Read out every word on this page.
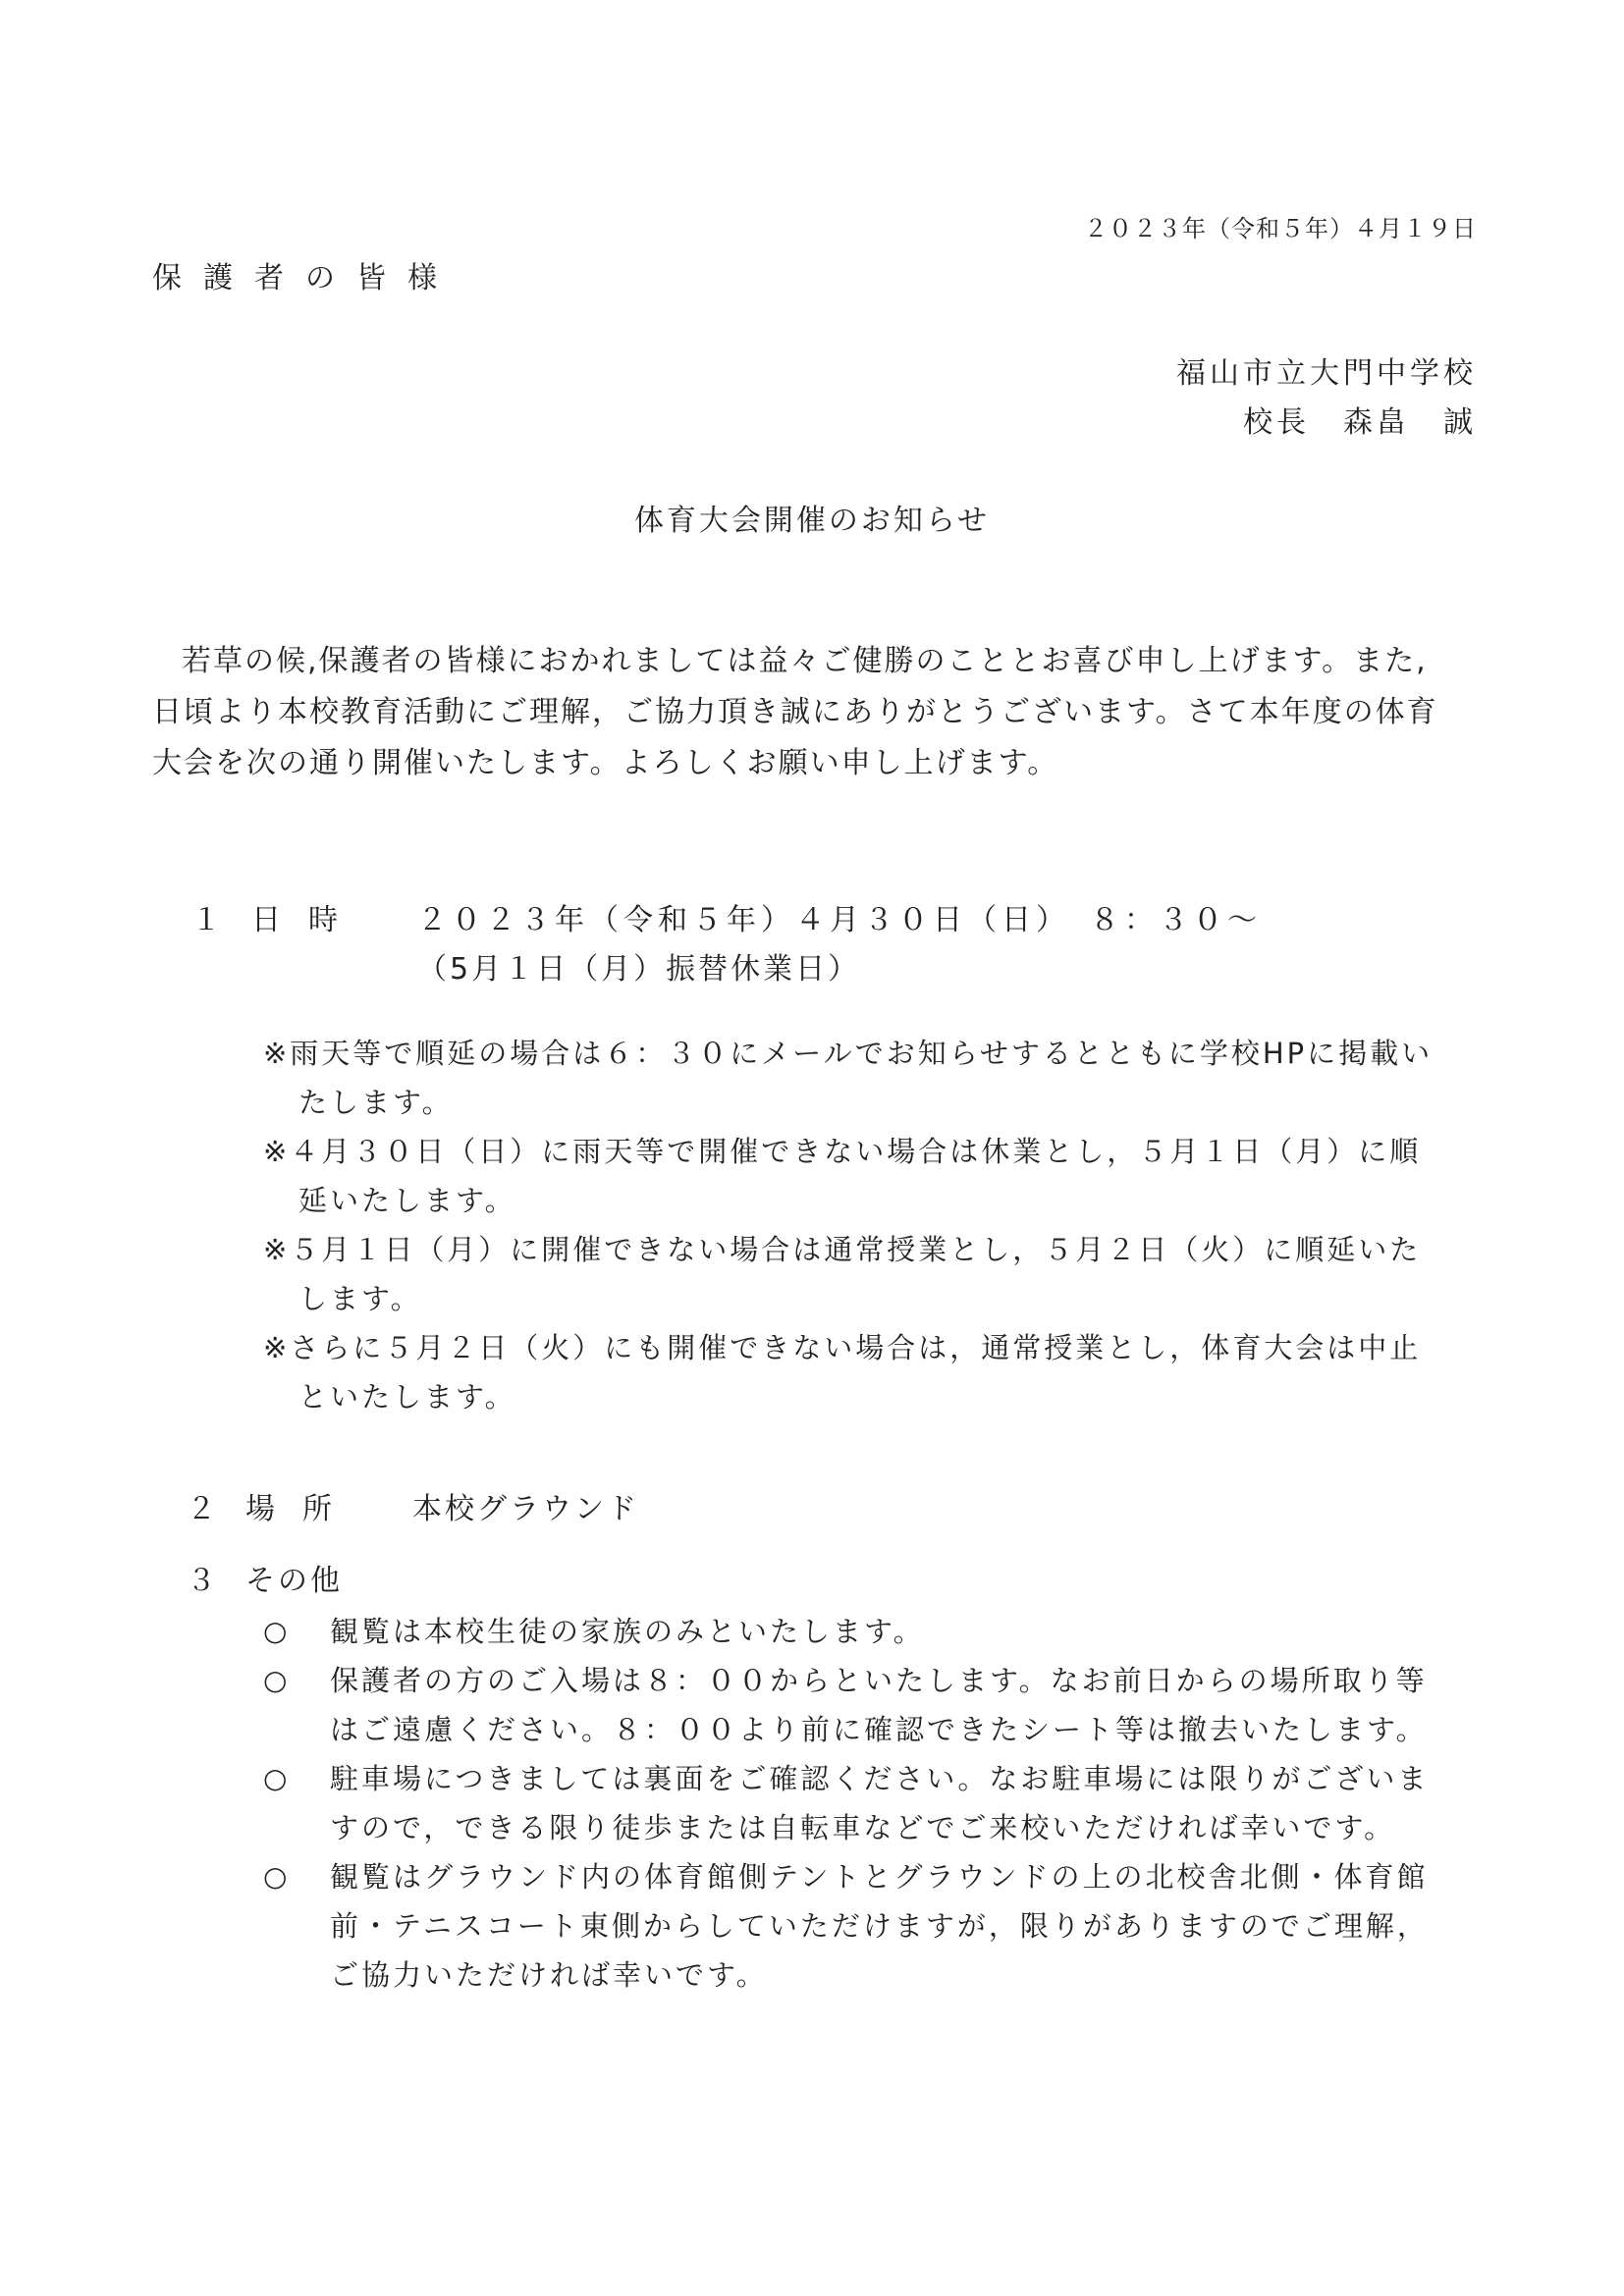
２０２３年（令和５年）４月１９日
保護者の皆様
福山市立大門中学校
校長　森畠　誠
体育大会開催のお知らせ
若草の候,保護者の皆様におかれましては益々ご健勝のこととお喜び申し上げます。また,
日頃より本校教育活動にご理解，ご協力頂き誠にありがとうございます。さて本年度の体育
大会を次の通り開催いたします。よろしくお願い申し上げます。
１ 日時 ２０２３年（令和５年）４月３０日（日）　８：３０～
（5月１日（月）振替休業日）
※雨天等で順延の場合は６：３０にメールでお知らせするとともに学校HPに掲載い
たします。
※４月３０日（日）に雨天等で開催できない場合は休業とし，５月１日（月）に順
延いたします。
※５月１日（月）に開催できない場合は通常授業とし，５月２日（火）に順延いた
します。
※さらに５月２日（火）にも開催できない場合は，通常授業とし，体育大会は中止
といたします。
２ 場所 本校グラウンド
３ その他
○ 観覧は本校生徒の家族のみといたします。
○ 保護者の方のご入場は８：００からといたします。なお前日からの場所取り等
はご遠慮ください。８：００より前に確認できたシート等は撤去いたします。
○ 駐車場につきましては裏面をご確認ください。なお駐車場には限りがございま
すので，できる限り徒歩または自転車などでご来校いただければ幸いです。
○ 観覧はグラウンド内の体育館側テントとグラウンドの上の北校舎北側・体育館
前・テニスコート東側からしていただけますが，限りがありますのでご理解，
ご協力いただければ幸いです。
